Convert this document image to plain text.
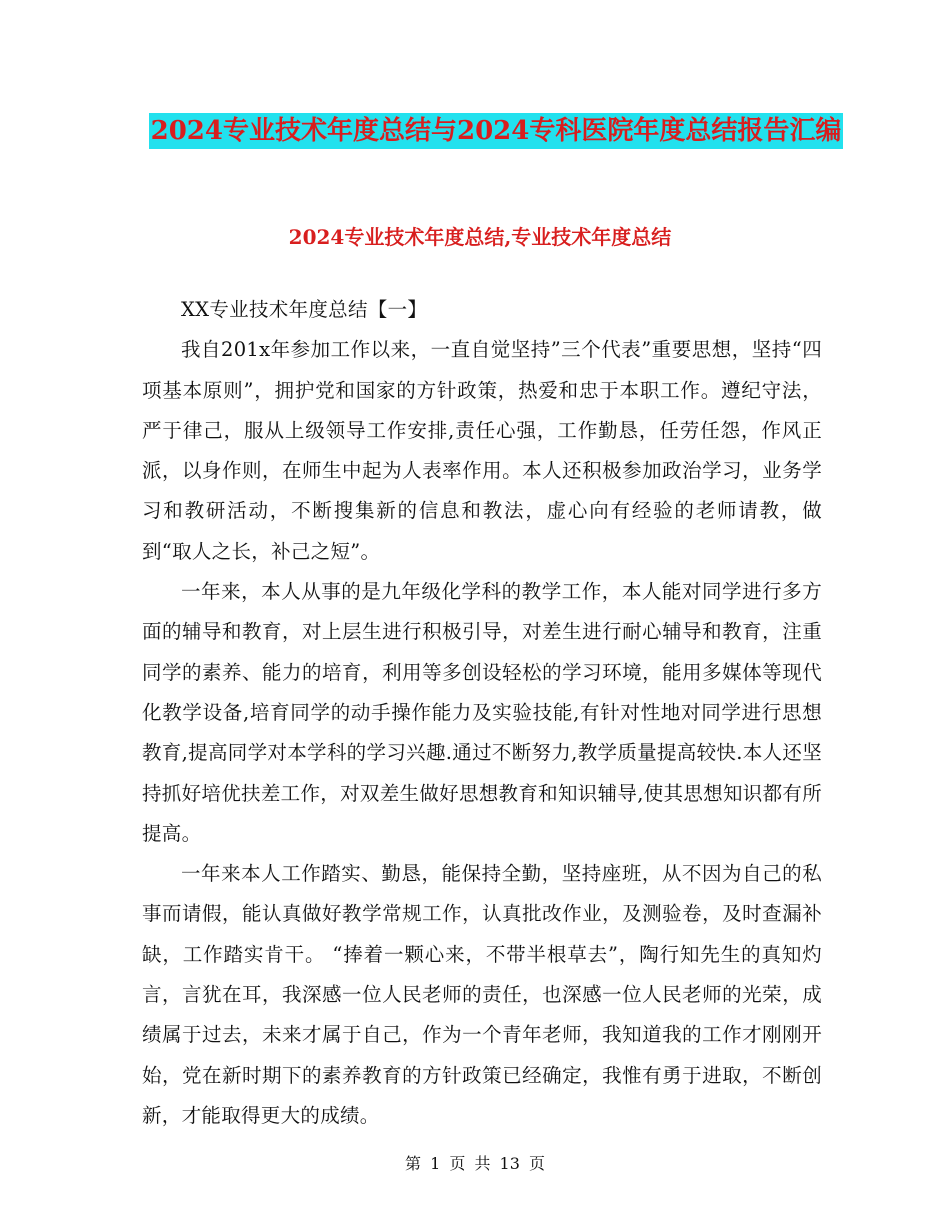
2024专业技术年度总结与2024专科医院年度总结报告汇编
2024专业技术年度总结,专业技术年度总结

XX专业技术年度总结【一】

我自201x年参加工作以来，一直自觉坚持”三个代表”重要思想，坚持“四项基本原则”，拥护党和国家的方针政策，热爱和忠于本职工作。遵纪守法，严于律己，服从上级领导工作安排,责任心强，工作勤恳，任劳任怨，作风正派，以身作则，在师生中起为人表率作用。本人还积极参加政治学习，业务学习和教研活动，不断搜集新的信息和教法，虚心向有经验的老师请教，做到“取人之长，补己之短”。

一年来，本人从事的是九年级化学科的教学工作，本人能对同学进行多方面的辅导和教育，对上层生进行积极引导，对差生进行耐心辅导和教育，注重同学的素养、能力的培育，利用等多创设轻松的学习环境，能用多媒体等现代化教学设备,培育同学的动手操作能力及实验技能,有针对性地对同学进行思想教育,提高同学对本学科的学习兴趣.通过不断努力,教学质量提高较快.本人还坚持抓好培优扶差工作，对双差生做好思想教育和知识辅导,使其思想知识都有所提高。

一年来本人工作踏实、勤恳，能保持全勤，坚持座班，从不因为自己的私事而请假，能认真做好教学常规工作，认真批改作业，及测验卷，及时查漏补缺，工作踏实肯干。 “捧着一颗心来，不带半根草去”，陶行知先生的真知灼言，言犹在耳，我深感一位人民老师的责任，也深感一位人民老师的光荣，成绩属于过去，未来才属于自己，作为一个青年老师，我知道我的工作才刚刚开始，党在新时期下的素养教育的方针政策已经确定，我惟有勇于进取，不断创新，才能取得更大的成绩。

第 1 页 共 13 页
